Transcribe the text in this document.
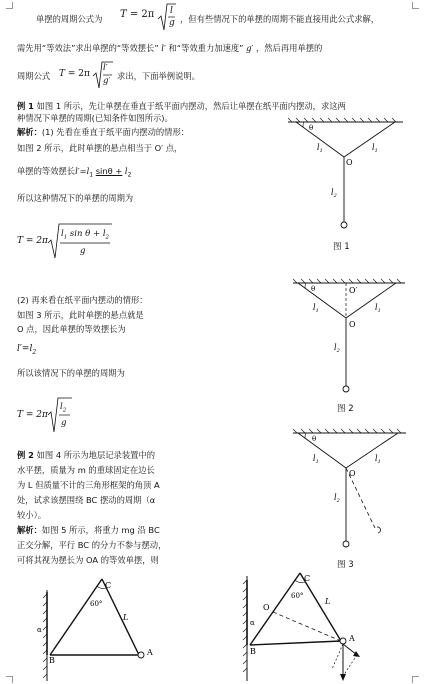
单摆的周期公式为 T = 2π l
g ，但有些情况下的单摆的周期不能直接用此公式求解，
需先用“等效法”求出单摆的“等效摆长” l′ 和“等效重力加速度” g′ ，然后再用单摆的
周期公式 T = 2π
l′
g′ 求出，下面举例说明。
例 1 如图 1 所示，先让单摆在垂直于纸平面内摆动，然后让单摆在纸平面内摆动，求这两
种情况下单摆的周期(已知条件如图所示)。
解析：(1) 先看在垂直于纸平面内摆动的情形：
如图 2 所示，此时单摆的悬点相当于 O′ 点，
单摆的等效摆长$l'=l_1$ $\sin\theta + l_2$
所以这种情况下的单摆的周期为
T = 2π
$l_1$ $\sin \theta + l_2$
g
(2) 再来看在纸平面内摆动的情形：
如图 3 所示，此时单摆的悬点就是
O 点，因此单摆的等效摆长为
$l'=l_2$
所以该情况下的单摆的周期为
T = 2π
$l_2$
g
例 2 如图 4 所示为地层记录装置中的
水平摆，质量为 m 的重球固定在边长
为 L 但质量不计的三角形框架的角顶 A
处，试求该摆围绕 BC 摆动的周期（α
较小）。
解析：如图 5 所示，将重力 mg 沿 BC
正交分解，平行 BC 的分力不参与摆动，
可将其视为摆长为 OA 的等效单摆，则
θ
$l_1$	$l_1$
O
$l_2$
图 1
θ	O′
$l_1$	$l_1$
O
$l_2$
图 2
θ
$l_1$	$l_1$
O
$l_2$
图 3
C
60°
L
α
B
A
C
60°
O
L
α
B
A
